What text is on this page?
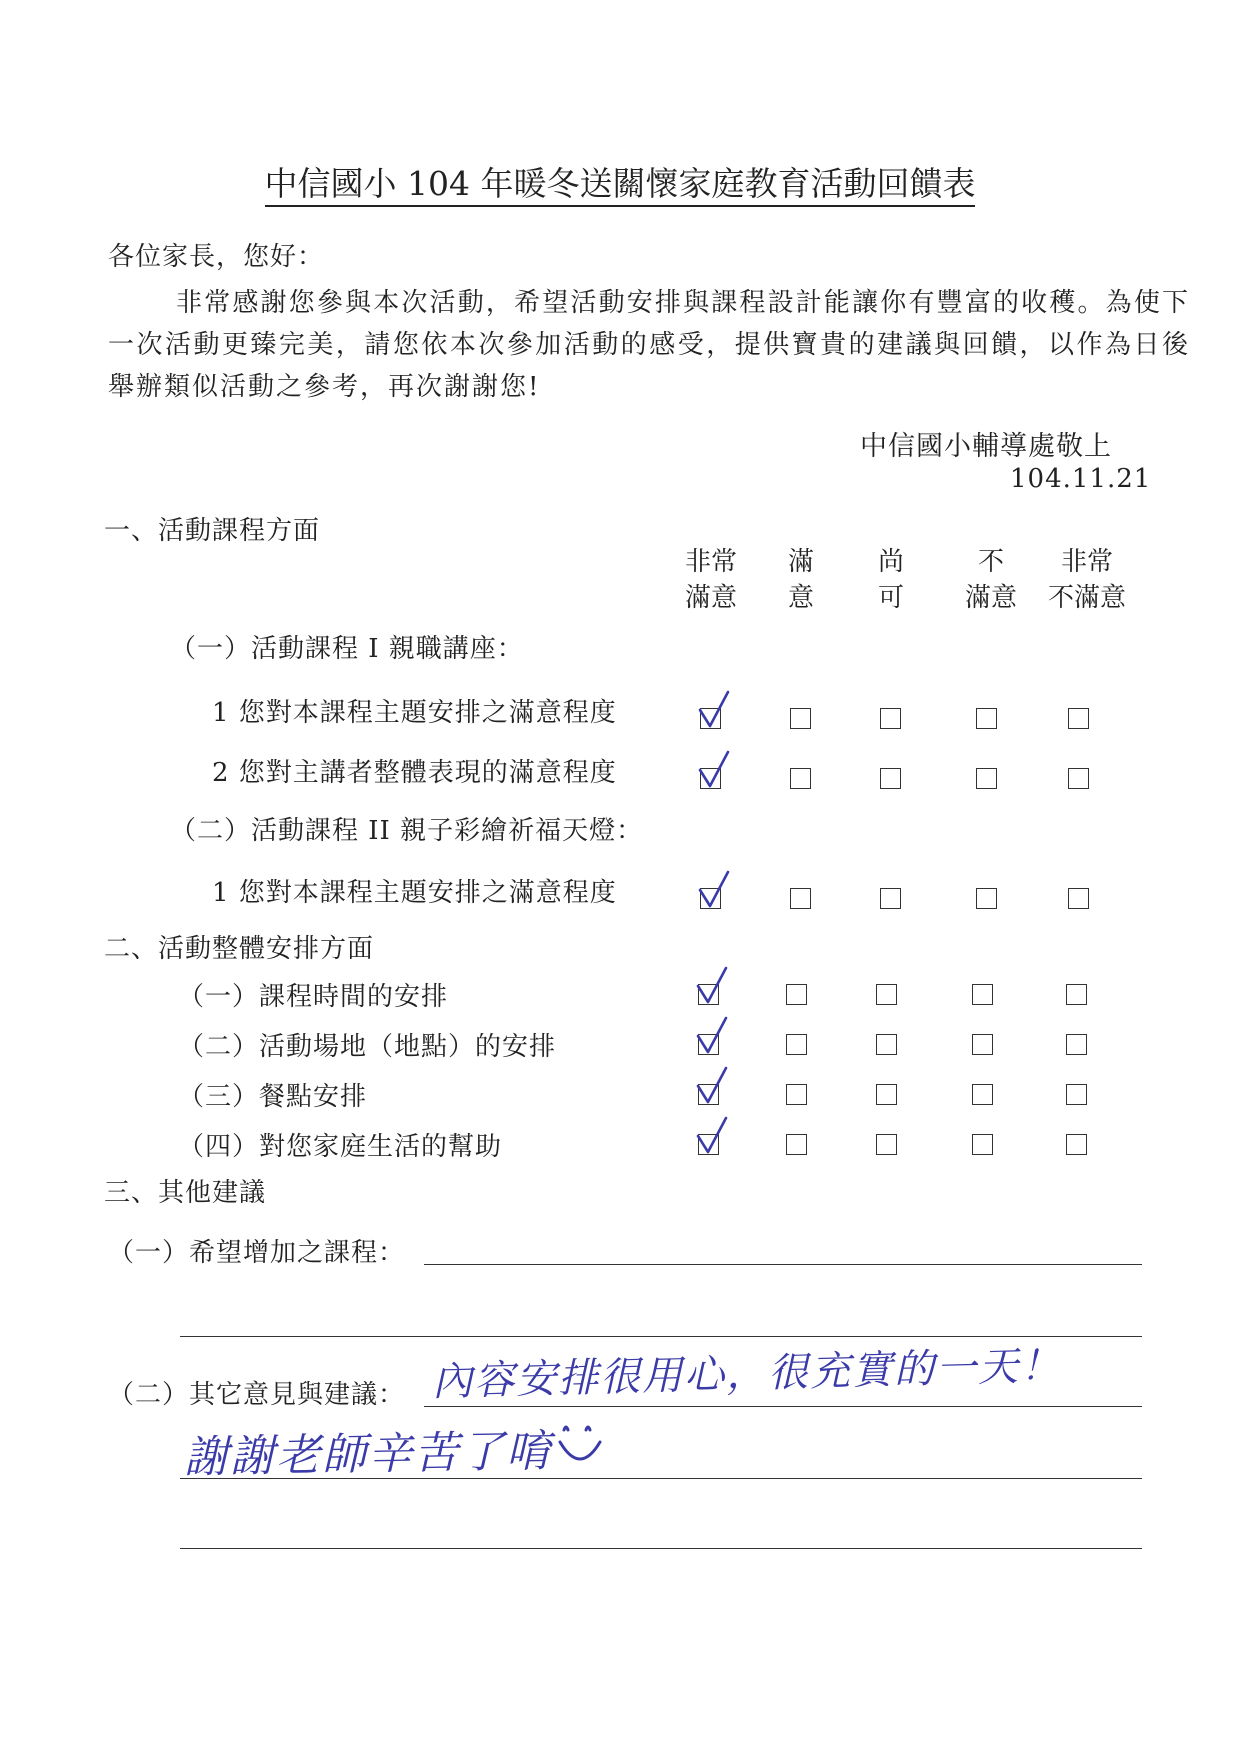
中信國小 104 年暖冬送關懷家庭教育活動回饋表
各位家長，您好：
非常感謝您參與本次活動，希望活動安排與課程設計能讓你有豐富的收穫。為使下一次活動更臻完美，請您依本次參加活動的感受，提供寶貴的建議與回饋，以作為日後舉辦類似活動之參考，再次謝謝您!
中信國小輔導處敬上
104.11.21
一、活動課程方面
非常
滿意
滿
意
尚
可
不
滿意
非常
不滿意
（一）活動課程 I 親職講座：
1 您對本課程主題安排之滿意程度
2 您對主講者整體表現的滿意程度
（二）活動課程 II 親子彩繪祈福天燈：
1 您對本課程主題安排之滿意程度
二、活動整體安排方面
（一）課程時間的安排
（二）活動場地（地點）的安排
（三）餐點安排
（四）對您家庭生活的幫助
三、其他建議
（一）希望增加之課程：
（二）其它意見與建議： 內容安排很用心，很充實的一天！
謝謝老師辛苦了唷
